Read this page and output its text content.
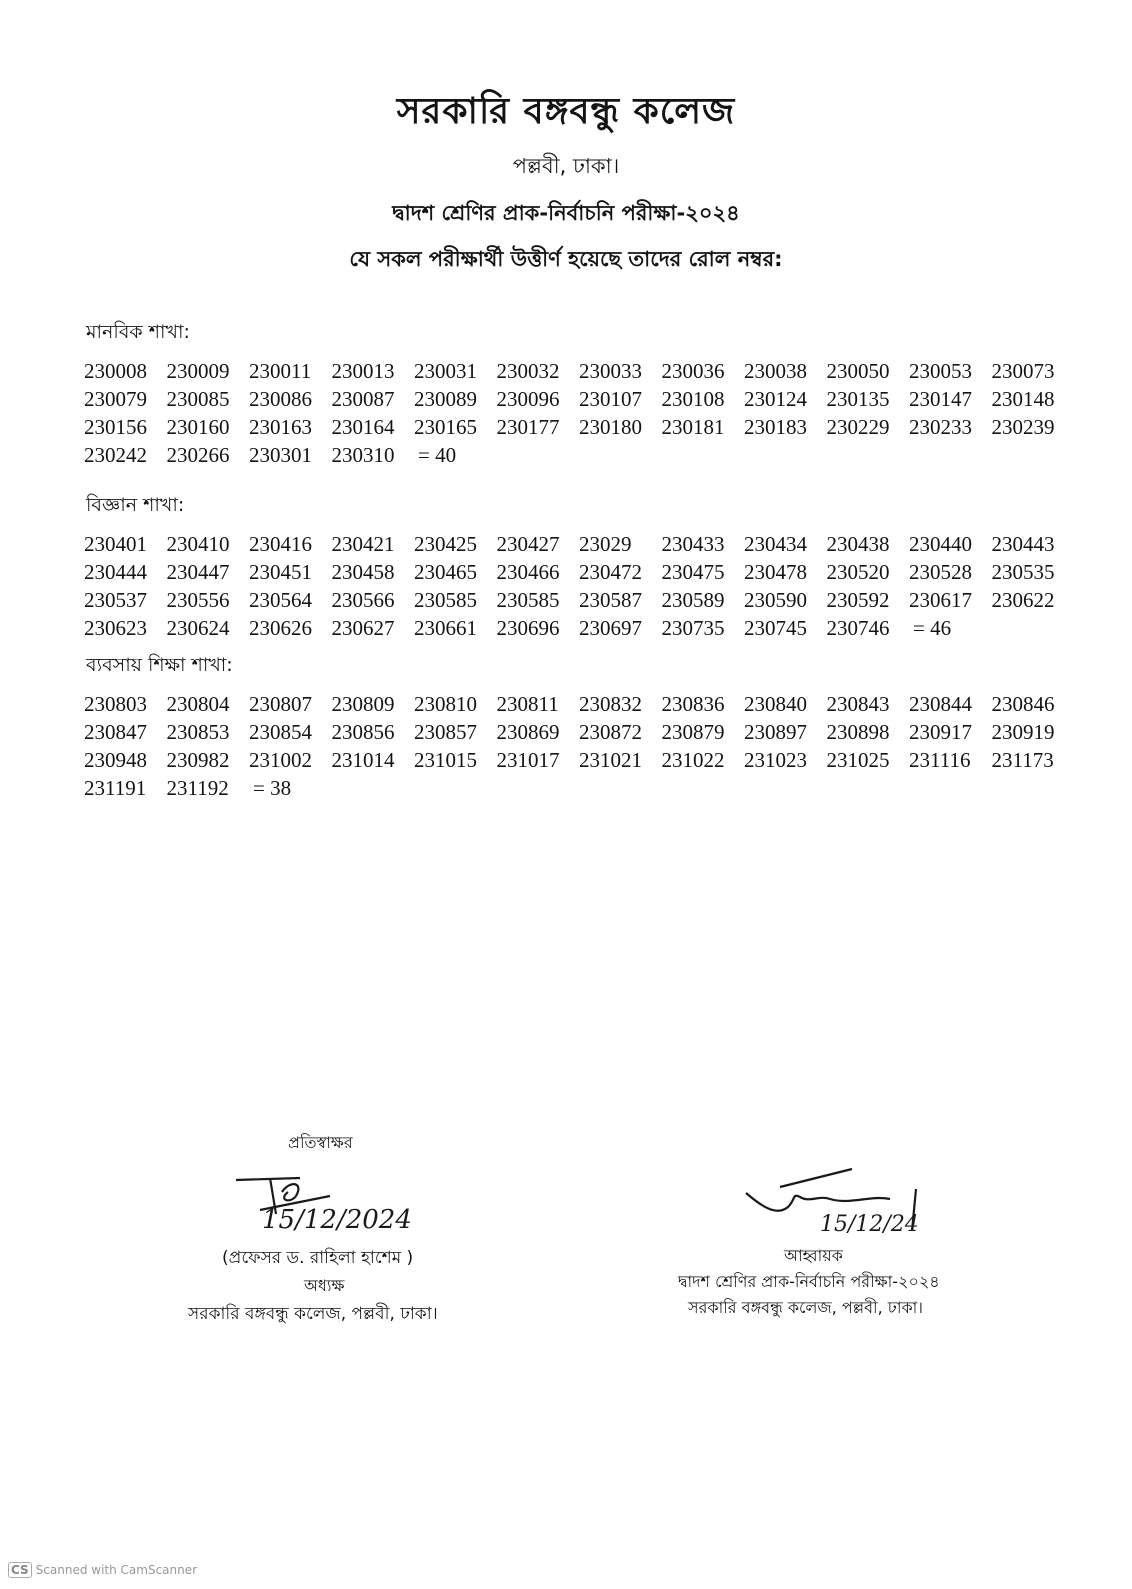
সরকারি বঙ্গবন্ধু কলেজ
পল্লবী, ঢাকা।
দ্বাদশ শ্রেণির প্রাক-নির্বাচনি পরীক্ষা-২০২৪
যে সকল পরীক্ষার্থী উত্তীর্ণ হয়েছে তাদের রোল নম্বর:
মানবিক শাখা:
230008 230009 230011 230013 230031 230032 230033 230036 230038 230050 230053 230073
230079 230085 230086 230087 230089 230096 230107 230108 230124 230135 230147 230148
230156 230160 230163 230164 230165 230177 230180 230181 230183 230229 230233 230239
230242 230266 230301 230310	= 40
বিজ্ঞান শাখা:
230401 230410 230416 230421 230425 230427 23029	230433 230434 230438 230440 230443
230444 230447 230451 230458 230465 230466 230472 230475 230478 230520 230528 230535
230537 230556 230564 230566 230585 230585 230587 230589 230590 230592 230617 230622
230623 230624 230626 230627 230661 230696 230697 230735 230745 230746	= 46
ব্যবসায় শিক্ষা শাখা:
230803 230804 230807 230809 230810 230811 230832 230836 230840 230843 230844 230846
230847 230853 230854 230856 230857 230869 230872 230879 230897 230898 230917 230919
230948 230982 231002 231014 231015 231017 231021 231022 231023 231025 231116	231173
231191 231192	= 38
প্রতিস্বাক্ষর
15/12/2024
(প্রফেসর ড. রাহিলা হাশেম )
অধ্যক্ষ
সরকারি বঙ্গবন্ধু কলেজ, পল্লবী, ঢাকা।
15/12/24
আহ্বায়ক
দ্বাদশ শ্রেণির প্রাক-নির্বাচনি পরীক্ষা-২০২৪
সরকারি বঙ্গবন্ধু কলেজ, পল্লবী, ঢাকা।
CS Scanned with CamScanner
